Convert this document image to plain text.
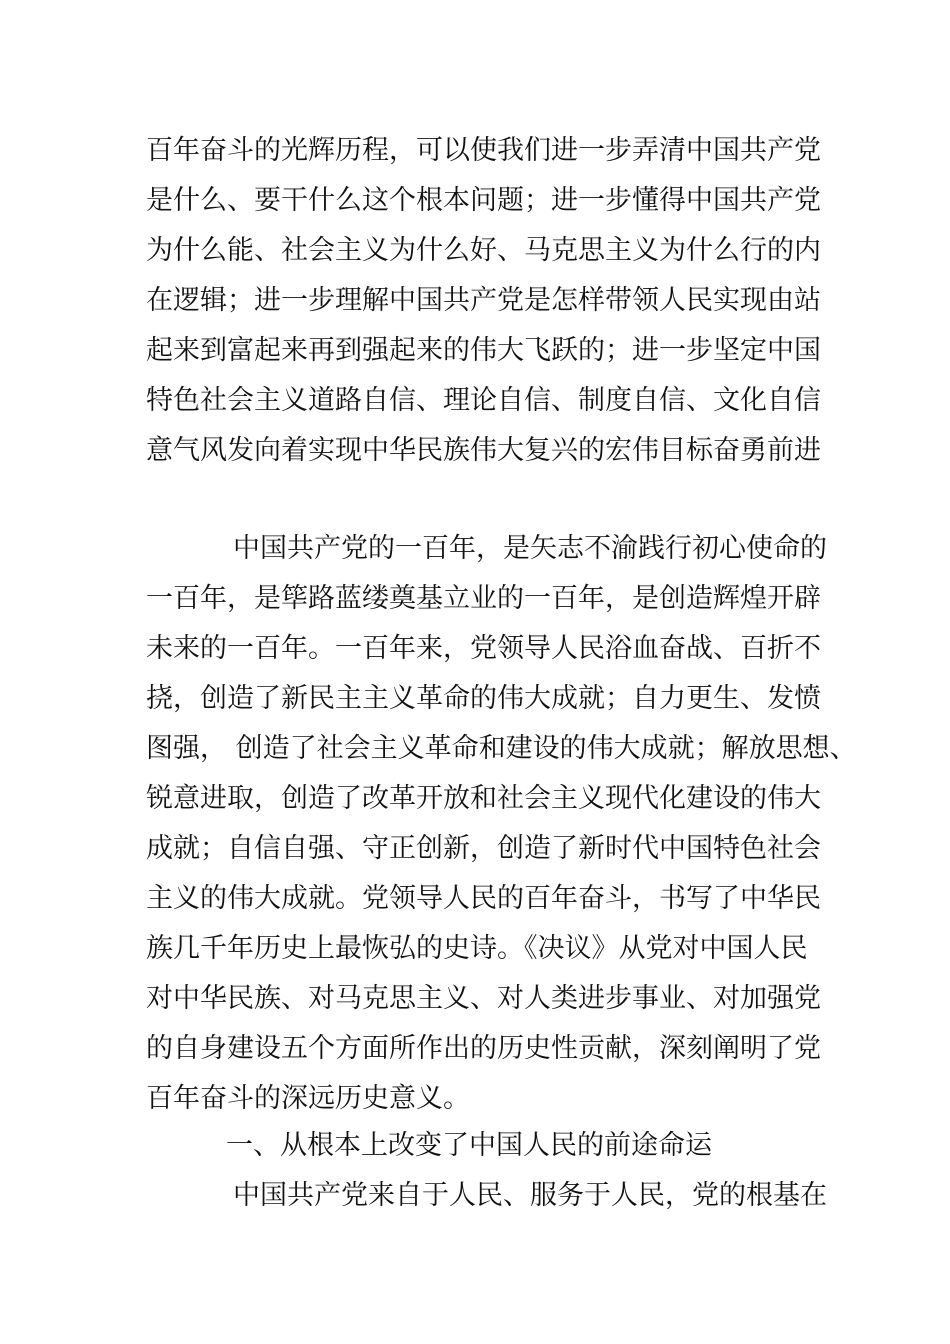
百年奋斗的光辉历程，可以使我们进一步弄清中国共产党

是什么、要干什么这个根本问题；进一步懂得中国共产党

为什么能、社会主义为什么好、马克思主义为什么行的内

在逻辑；进一步理解中国共产党是怎样带领人民实现由站

起来到富起来再到强起来的伟大飞跃的；进一步坚定中国

特色社会主义道路自信、理论自信、制度自信、文化自信

意气风发向着实现中华民族伟大复兴的宏伟目标奋勇前进

中国共产党的一百年，是矢志不渝践行初心使命的

一百年，是筚路蓝缕奠基立业的一百年，是创造辉煌开辟

未来的一百年。一百年来，党领导人民浴血奋战、百折不

挠，创造了新民主主义革命的伟大成就；自力更生、发愤

图强， 创造了社会主义革命和建设的伟大成就；解放思想、

锐意进取，创造了改革开放和社会主义现代化建设的伟大

成就；自信自强、守正创新，创造了新时代中国特色社会

主义的伟大成就。党领导人民的百年奋斗，书写了中华民

族几千年历史上最恢弘的史诗。《决议》从党对中国人民

对中华民族、对马克思主义、对人类进步事业、对加强党

的自身建设五个方面所作出的历史性贡献，深刻阐明了党

百年奋斗的深远历史意义。

一、从根本上改变了中国人民的前途命运

中国共产党来自于人民、服务于人民，党的根基在
